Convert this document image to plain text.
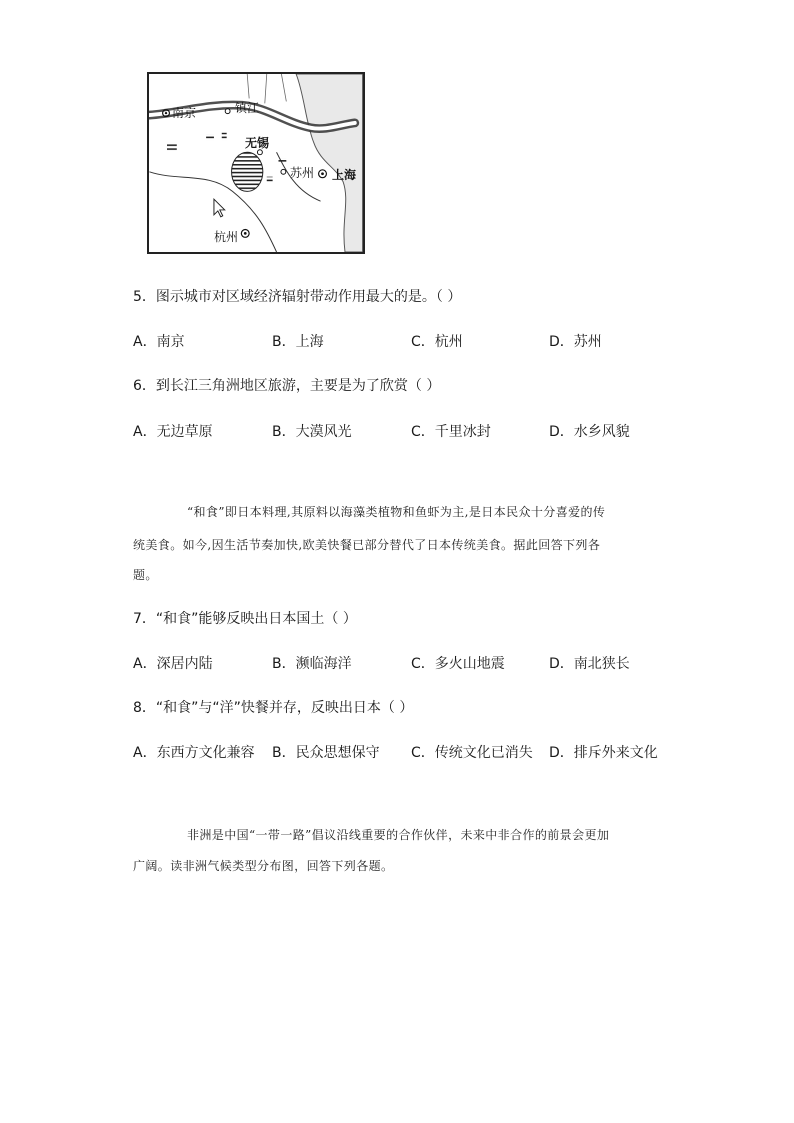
南京	镇江
无锡
苏州 上海
杭州
5．图示城市对区域经济辐射带动作用最大的是。（ ）
A．南京	B．上海	C．杭州	D．苏州
6．到长江三角洲地区旅游，主要是为了欣赏（ ）
A．无边草原	B．大漠风光	C．千里冰封	D．水乡风貌
“和食”即日本料理,其原料以海藻类植物和鱼虾为主,是日本民众十分喜爱的传
统美食。如今,因生活节奏加快,欧美快餐已部分替代了日本传统美食。据此回答下列各
题。
7．“和食”能够反映出日本国土（ ）
A．深居内陆	B．濒临海洋	C．多火山地震	D．南北狭长
8．“和食”与“洋”快餐并存，反映出日本（ ）
A．东西方文化兼容 B．民众思想保守 C．传统文化已消失 D．排斥外来文化
非洲是中国“一带一路”倡议沿线重要的合作伙伴，未来中非合作的前景会更加
广阔。读非洲气候类型分布图，回答下列各题。
